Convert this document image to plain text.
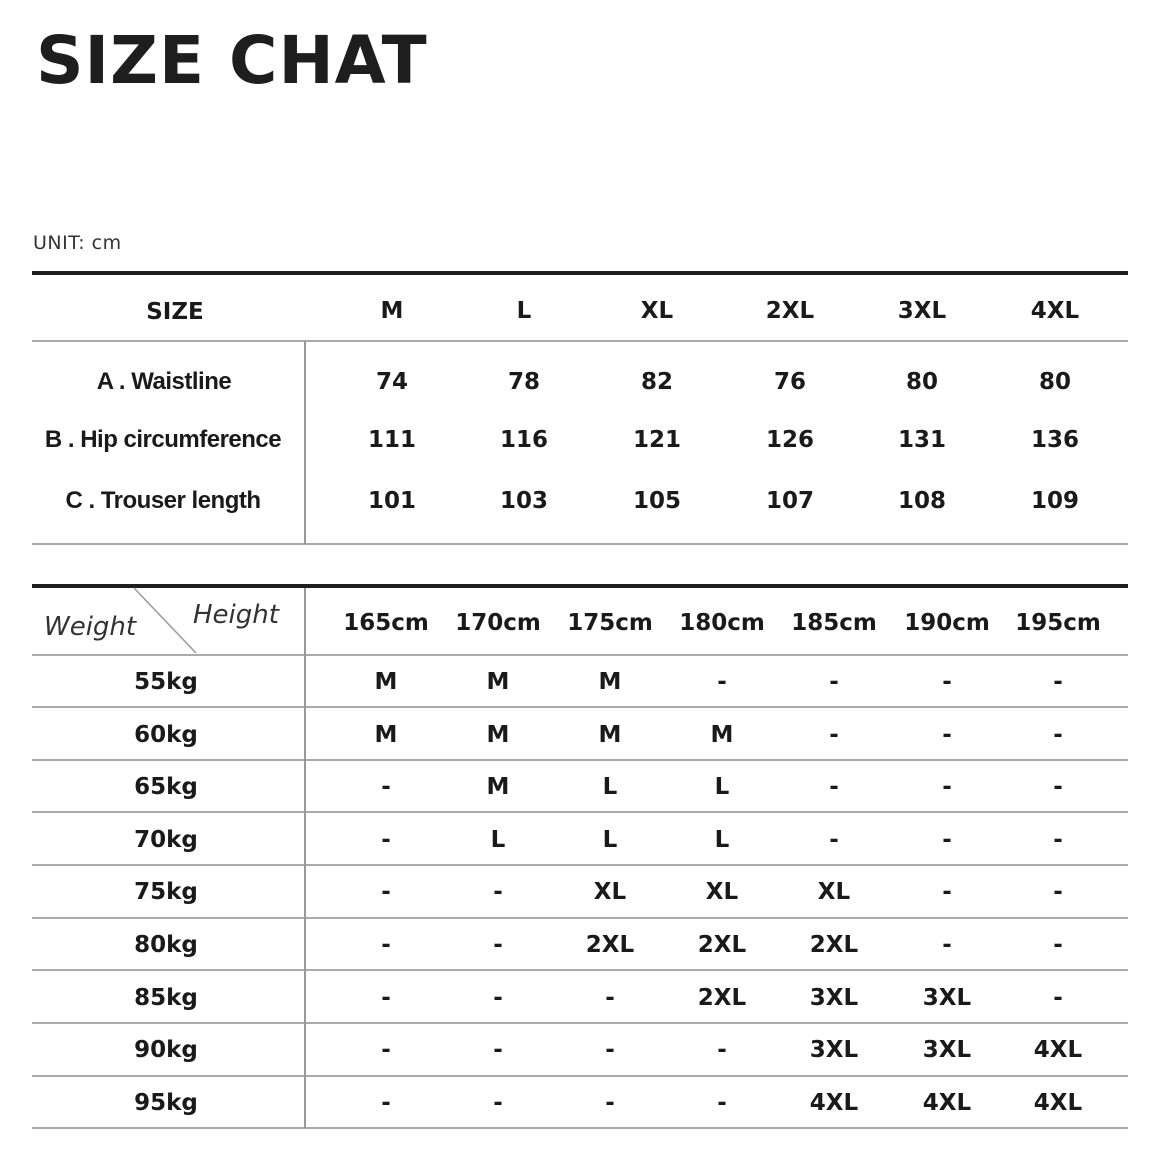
SIZE CHAT
UNIT: cm
SIZE	M	L	XL	2XL	3XL	4XL
A . Waistline	74	78	82	76	80	80
B . Hip circumference	111	116	121	126	131	136
C . Trouser length	101	103	105	107	108	109
Weight Height	165cm 170cm 175cm 180cm 185cm 190cm 195cm
55kg	M	M	M	-	-	-	-
60kg	M	M	M	M	-	-	-
65kg	-	M	L	L	-	-	-
70kg	-	L	L	L	-	-	-
75kg	-	-	XL	XL	XL	-	-
80kg	-	-	2XL	2XL	2XL	-	-
85kg	-	-	-	2XL	3XL	3XL	-
90kg	-	-	-	-	3XL	3XL	4XL
95kg	-	-	-	-	4XL	4XL	4XL
